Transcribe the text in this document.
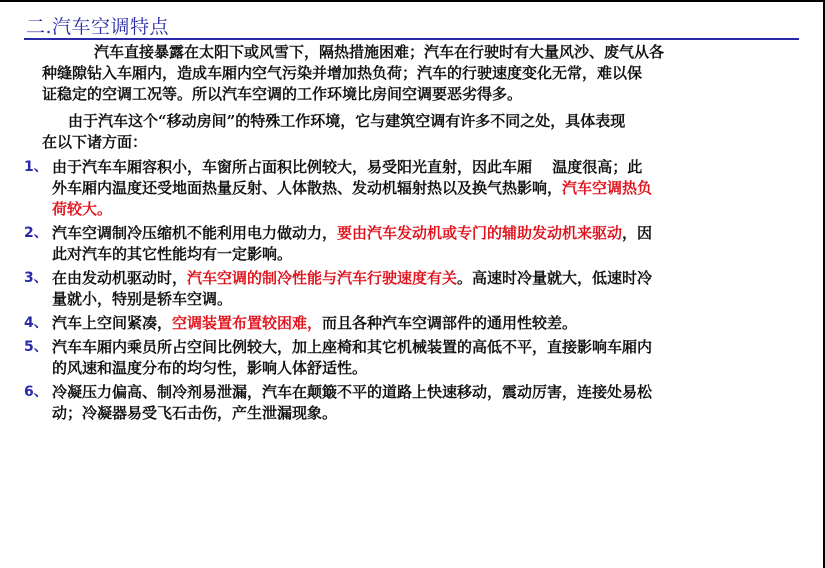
二.汽车空调特点
汽车直接暴露在太阳下或风雪下，隔热措施困难；汽车在行驶时有大量风沙、废气从各
种缝隙钻入车厢内，造成车厢内空气污染并增加热负荷；汽车的行驶速度变化无常，难以保
证稳定的空调工况等。所以汽车空调的工作环境比房间空调要恶劣得多。
由于汽车这个“移动房间”的特殊工作环境，它与建筑空调有许多不同之处，具体表现
在以下诸方面：
1、 由于汽车车厢容积小，车窗所占面积比例较大，易受阳光直射，因此车厢　 温度很高；此
外车厢内温度还受地面热量反射、人体散热、发动机辐射热以及换气热影响，汽车空调热负
荷较大。
2、 汽车空调制冷压缩机不能利用电力做动力，要由汽车发动机或专门的辅助发动机来驱动，因
此对汽车的其它性能均有一定影响。
3、 在由发动机驱动时，汽车空调的制冷性能与汽车行驶速度有关。高速时冷量就大，低速时冷
量就小，特别是轿车空调。
4、 汽车上空间紧凑，空调装置布置较困难，而且各种汽车空调部件的通用性较差。
5、 汽车车厢内乘员所占空间比例较大，加上座椅和其它机械装置的高低不平，直接影响车厢内
的风速和温度分布的均匀性，影响人体舒适性。
6、 冷凝压力偏高、制冷剂易泄漏，汽车在颠簸不平的道路上快速移动，震动厉害，连接处易松
动；冷凝器易受飞石击伤，产生泄漏现象。
